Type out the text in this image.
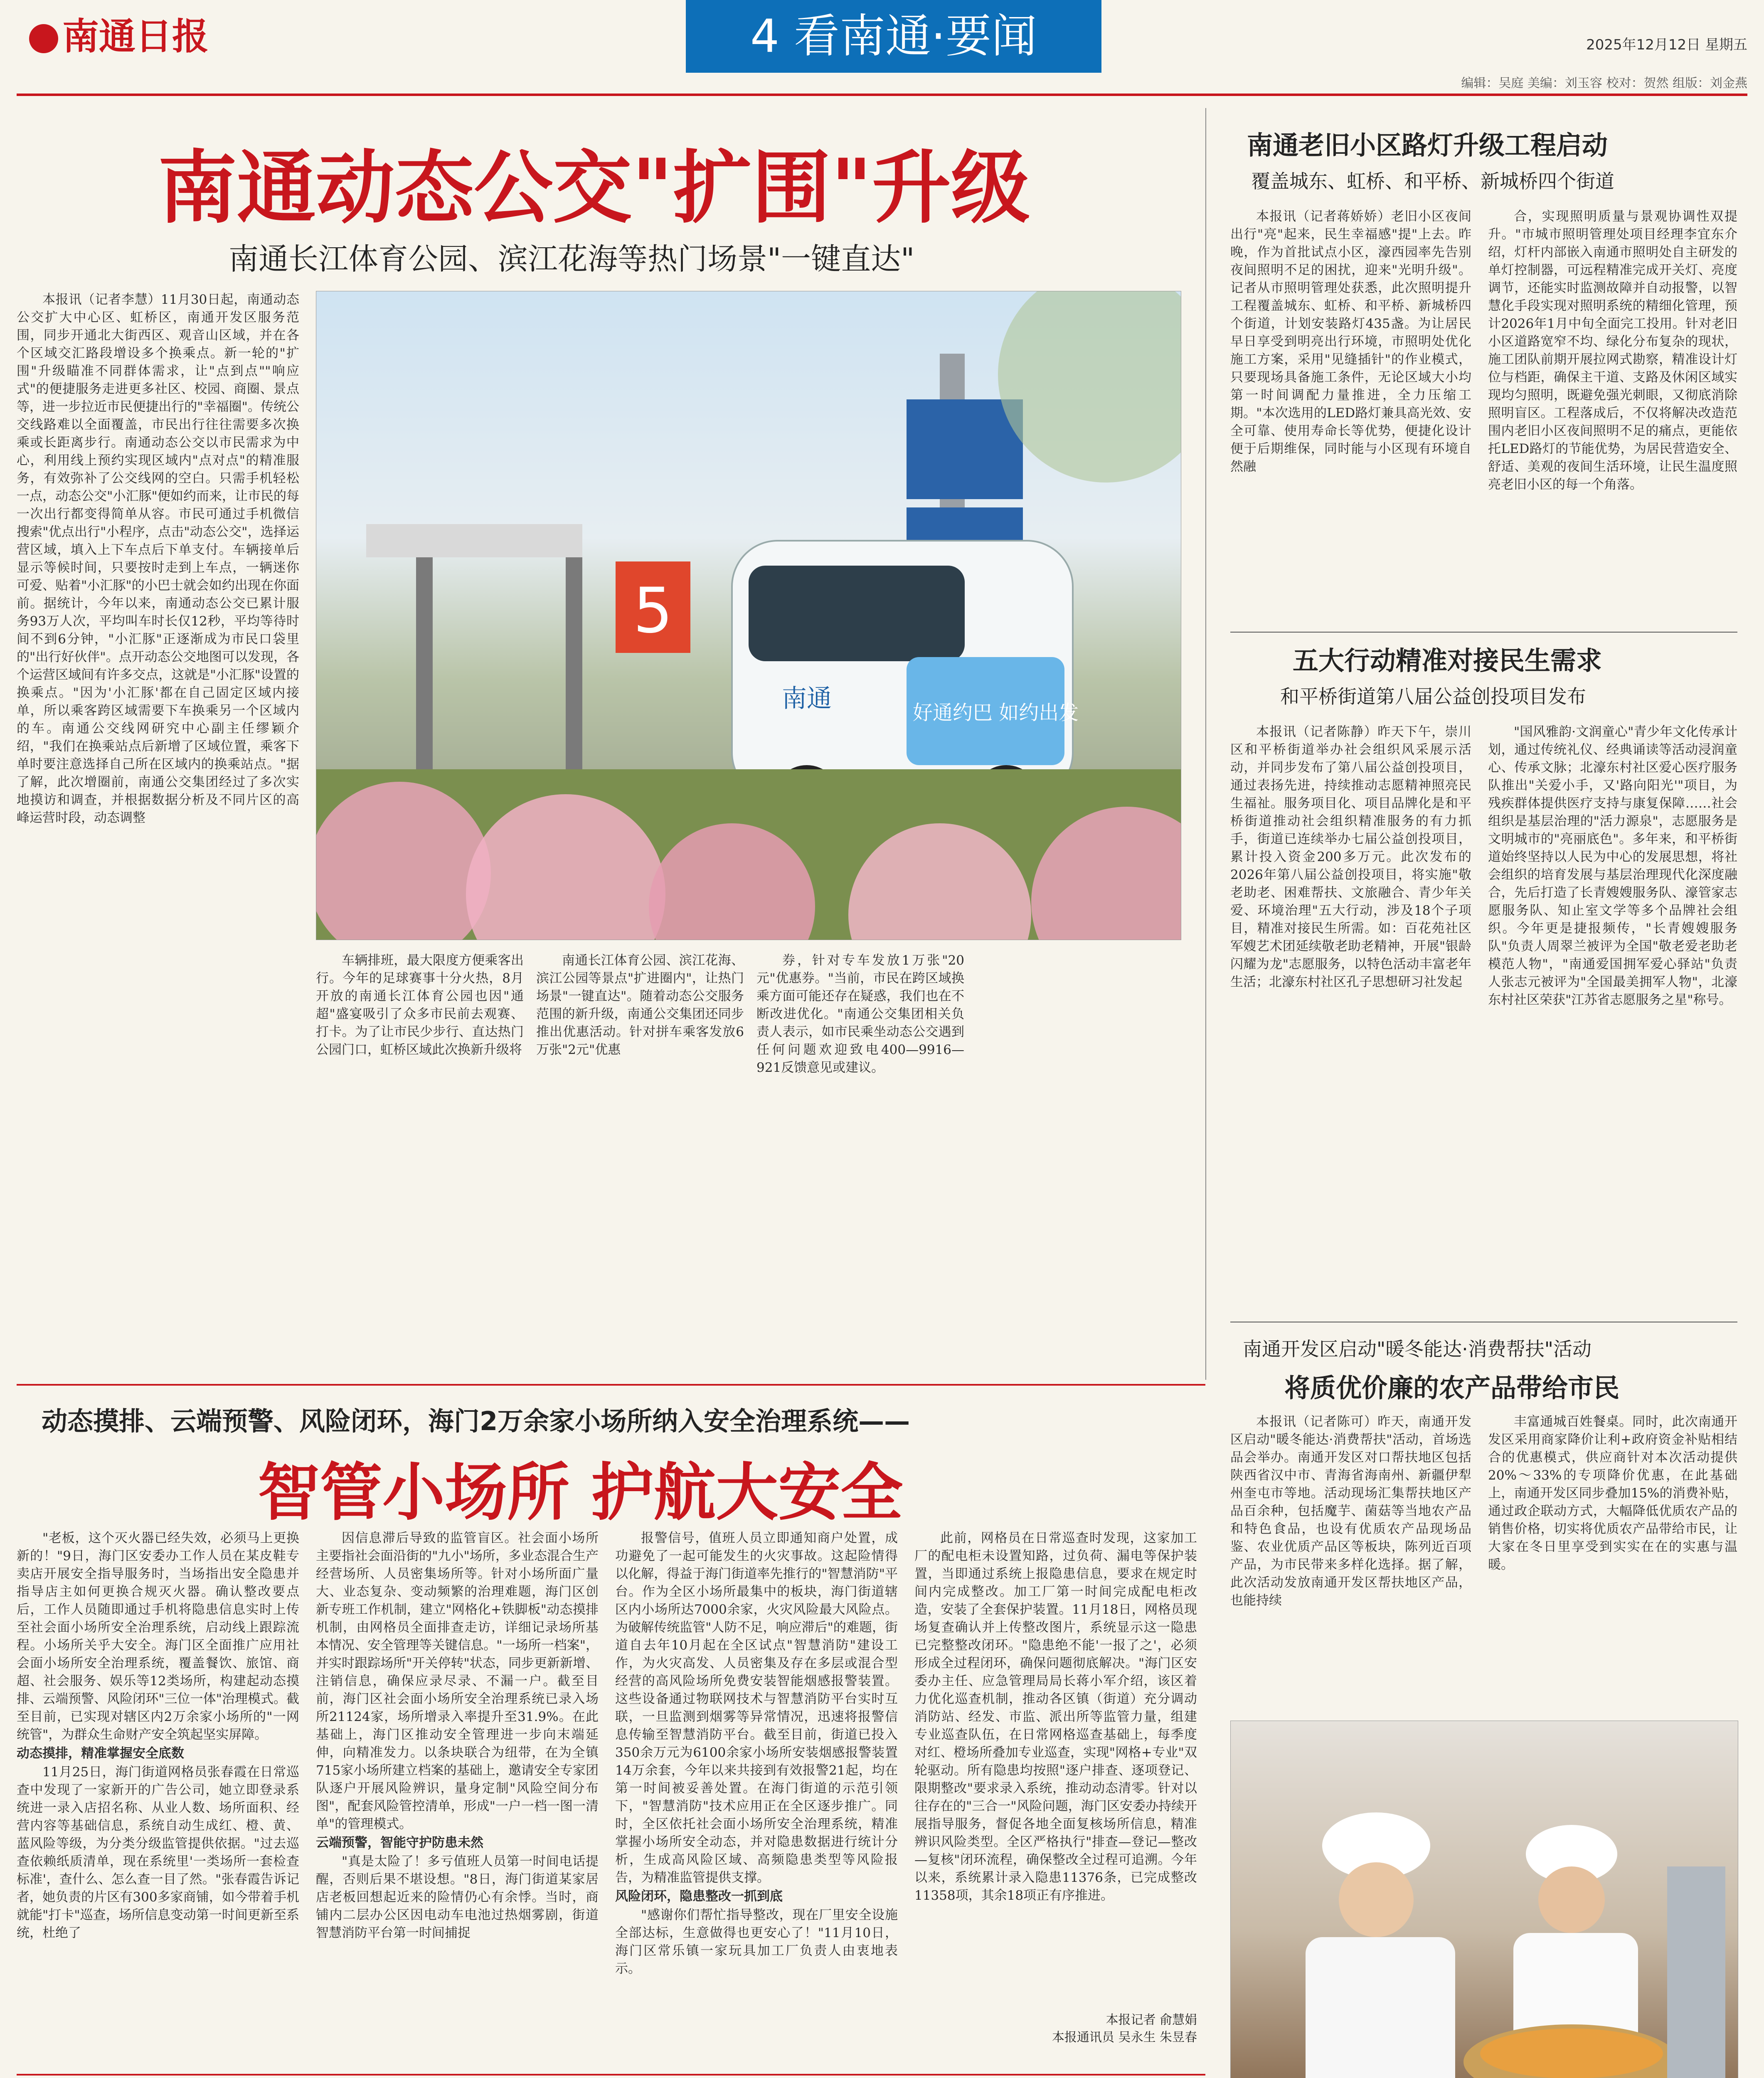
南通日报	4 看南通·要闻	2025年12月12日 星期五
编辑：吴庭 美编：刘玉容 校对：贺然 组版：刘金燕
南通动态公交"扩围"升级
南通长江体育公园、滨江花海等热门场景"一键直达"

本报讯（记者李慧）11月30日起，南通动态公交扩大中心区、虹桥区，南通开发区服务范围，同步开通北大街西区、观音山区域，并在各个区域交汇路段增设多个换乘点。新一轮的"扩围"升级瞄准不同群体需求，让"点到点""响应式"的便捷服务走进更多社区、校园、商圈、景点等，进一步拉近市民便捷出行的"幸福圈"。传统公交线路难以全面覆盖，市民出行往往需要多次换乘或长距离步行。南通动态公交以市民需求为中心，利用线上预约实现区域内"点对点"的精准服务，有效弥补了公交线网的空白。只需手机轻松一点，动态公交"小汇豚"便如约而来，让市民的每一次出行都变得简单从容。市民可通过手机微信搜索"优点出行"小程序，点击"动态公交"，选择运营区域，填入上下车点后下单支付。车辆接单后显示等候时间，只要按时走到上车点，一辆迷你可爱、贴着"小汇豚"的小巴士就会如约出现在你面前。据统计，今年以来，南通动态公交已累计服务93万人次，平均叫车时长仅12秒，平均等待时间不到6分钟，"小汇豚"正逐渐成为市民口袋里的"出行好伙伴"。点开动态公交地图可以发现，各个运营区域间有许多交点，这就是"小汇豚"设置的换乘点。"因为'小汇豚'都在自己固定区域内接单，所以乘客跨区域需要下车换乘另一个区域内的车。南通公交线网研究中心副主任缪颖介绍，"我们在换乘站点后新增了区域位置，乘客下单时要注意选择自己所在区域内的换乘站点。"据了解，此次增圈前，南通公交集团经过了多次实地摸访和调查，并根据数据分析及不同片区的高峰运营时段，动态调整

5
南通	好通约巴 如约出发

车辆排班，最大限度方便乘客出行。今年的足球赛事十分火热，8月开放的南通长江体育公园也因"通超"盛宴吸引了众多市民前去观赛、打卡。为了让市民少步行、直达热门公园门口，虹桥区域此次换新升级将

南通长江体育公园、滨江花海、滨江公园等景点"扩进圈内"，让热门场景"一键直达"。随着动态公交服务范围的新升级，南通公交集团还同步推出优惠活动。针对拼车乘客发放6万张"2元"优惠

券，针对专车发放1万张"20元"优惠券。"当前，市民在跨区域换乘方面可能还存在疑惑，我们也在不断改进优化。"南通公交集团相关负责人表示，如市民乘坐动态公交遇到任何问题欢迎致电400—9916—921反馈意见或建议。

南通老旧小区路灯升级工程启动
覆盖城东、虹桥、和平桥、新城桥四个街道

本报讯（记者蒋娇娇）老旧小区夜间出行"亮"起来，民生幸福感"提"上去。昨晚，作为首批试点小区，濠西园率先告别夜间照明不足的困扰，迎来"光明升级"。记者从市照明管理处获悉，此次照明提升工程覆盖城东、虹桥、和平桥、新城桥四个街道，计划安装路灯435盏。为让居民早日享受到明亮出行环境，市照明处优化施工方案，采用"见缝插针"的作业模式，只要现场具备施工条件，无论区域大小均第一时间调配力量推进，全力压缩工期。"本次选用的LED路灯兼具高光效、安全可靠、使用寿命长等优势，便捷化设计便于后期维保，同时能与小区现有环境自然融

合，实现照明质量与景观协调性双提升。"市城市照明管理处项目经理李宜东介绍，灯杆内部嵌入南通市照明处自主研发的单灯控制器，可远程精准完成开关灯、亮度调节，还能实时监测故障并自动报警，以智慧化手段实现对照明系统的精细化管理，预计2026年1月中旬全面完工投用。针对老旧小区道路宽窄不均、绿化分布复杂的现状，施工团队前期开展拉网式勘察，精准设计灯位与档距，确保主干道、支路及休闲区域实现均匀照明，既避免强光刺眼，又彻底消除照明盲区。工程落成后，不仅将解决改造范围内老旧小区夜间照明不足的痛点，更能依托LED路灯的节能优势，为居民营造安全、舒适、美观的夜间生活环境，让民生温度照亮老旧小区的每一个角落。

五大行动精准对接民生需求
和平桥街道第八届公益创投项目发布

本报讯（记者陈静）昨天下午，崇川区和平桥街道举办社会组织风采展示活动，并同步发布了第八届公益创投项目，通过表扬先进，持续推动志愿精神照亮民生福祉。服务项目化、项目品牌化是和平桥街道推动社会组织精准服务的有力抓手，街道已连续举办七届公益创投项目，累计投入资金200多万元。此次发布的2026年第八届公益创投项目，将实施"敬老助老、困难帮扶、文旅融合、青少年关爱、环境治理"五大行动，涉及18个子项目，精准对接民生所需。如：百花苑社区军嫂艺术团延续敬老助老精神，开展"银龄闪耀为龙"志愿服务，以特色活动丰富老年生活；北濠东村社区孔子思想研习社发起

"国风雅韵·文润童心"青少年文化传承计划，通过传统礼仪、经典诵读等活动浸润童心、传承文脉；北濠东村社区爱心医疗服务队推出"关爱小手，又'路向阳光'"项目，为残疾群体提供医疗支持与康复保障……社会组织是基层治理的"活力源泉"，志愿服务是文明城市的"亮丽底色"。多年来，和平桥街道始终坚持以人民为中心的发展思想，将社会组织的培育发展与基层治理现代化深度融合，先后打造了长青嫂嫂服务队、濠管家志愿服务队、知止室文学等多个品牌社会组织。今年更是捷报频传，"长青嫂嫂服务队"负责人周翠兰被评为全国"敬老爱老助老模范人物"，"南通爱国拥军爱心驿站"负责人张志元被评为"全国最美拥军人物"，北濠东村社区荣获"江苏省志愿服务之星"称号。

南通开发区启动"暖冬能达·消费帮扶"活动
将质优价廉的农产品带给市民

本报讯（记者陈可）昨天，南通开发区启动"暖冬能达·消费帮扶"活动，首场选品会举办。南通开发区对口帮扶地区包括陕西省汉中市、青海省海南州、新疆伊犁州奎屯市等地。活动现场汇集帮扶地区产品百余种，包括魔芋、菌菇等当地农产品和特色食品，也设有优质农产品现场品鉴、农业优质产品区等板块，陈列近百项产品，为市民带来多样化选择。据了解，此次活动发放南通开发区帮扶地区产品，也能持续

丰富通城百姓餐桌。同时，此次南通开发区采用商家降价让利+政府资金补贴相结合的优惠模式，供应商针对本次活动提供20%～33%的专项降价优惠，在此基础上，南通开发区同步叠加15%的消费补贴，通过政企联动方式，大幅降低优质农产品的销售价格，切实将优质农产品带给市民，让大家在冬日里享受到实实在在的实惠与温暖。

动态摸排、云端预警、风险闭环，海门2万余家小场所纳入安全治理系统——
智管小场所 护航大安全

"老板，这个灭火器已经失效，必须马上更换新的！"9日，海门区安委办工作人员在某皮鞋专卖店开展安全指导服务时，当场指出安全隐患并指导店主如何更换合规灭火器。确认整改要点后，工作人员随即通过手机将隐患信息实时上传至社会面小场所安全治理系统，启动线上跟踪流程。小场所关乎大安全。海门区全面推广应用社会面小场所安全治理系统，覆盖餐饮、旅馆、商超、社会服务、娱乐等12类场所，构建起动态摸排、云端预警、风险闭环"三位一体"治理模式。截至目前，已实现对辖区内2万余家小场所的"一网统管"，为群众生命财产安全筑起坚实屏障。

动态摸排，精准掌握安全底数

11月25日，海门街道网格员张春霞在日常巡查中发现了一家新开的广告公司，她立即登录系统进一录入店招名称、从业人数、场所面积、经营内容等基础信息，系统自动生成红、橙、黄、蓝风险等级，为分类分级监管提供依据。"过去巡查依赖纸质清单，现在系统里'一类场所一套检查标准'，查什么、怎么查一目了然。"张春霞告诉记者，她负责的片区有300多家商铺，如今带着手机就能"打卡"巡查，场所信息变动第一时间更新至系统，杜绝了

因信息滞后导致的监管盲区。社会面小场所主要指社会面沿街的"九小"场所，多业态混合生产经营场所、人员密集场所等。针对小场所面广量大、业态复杂、变动频繁的治理难题，海门区创新专班工作机制，建立"网格化+铁脚板"动态摸排机制，由网格员全面排查走访，详细记录场所基本情况、安全管理等关键信息。"一场所一档案"，并实时跟踪场所"开关停转"状态，同步更新新增、注销信息，确保应录尽录、不漏一户。截至目前，海门区社会面小场所安全治理系统已录入场所21124家，场所增录入率提升至31.9%。在此基础上，海门区推动安全管理进一步向末端延伸，向精准发力。以条块联合为纽带，在为全镇715家小场所建立档案的基础上，邀请安全专家团队逐户开展风险辨识，量身定制"风险空间分布图"，配套风险管控清单，形成"一户一档一图一清单"的管理模式。

云端预警，智能守护防患未然

"真是太险了！多亏值班人员第一时间电话提醒，否则后果不堪设想。"8日，海门街道某家居店老板回想起近来的险情仍心有余悸。当时，商铺内二层办公区因电动车电池过热烟雾剧，街道智慧消防平台第一时间捕捉

报警信号，值班人员立即通知商户处置，成功避免了一起可能发生的火灾事故。这起险情得以化解，得益于海门街道率先推行的"智慧消防"平台。作为全区小场所最集中的板块，海门街道辖区内小场所达7000余家，火灾风险最大风险点。为破解传统监管"人防不足，响应滞后"的难题，街道自去年10月起在全区试点"智慧消防"建设工作，为火灾高发、人员密集及存在多层或混合型经营的高风险场所免费安装智能烟感报警装置。这些设备通过物联网技术与智慧消防平台实时互联，一旦监测到烟雾等异常情况，迅速将报警信息传输至智慧消防平台。截至目前，街道已投入350余万元为6100余家小场所安装烟感报警装置14万余套，今年以来共接到有效报警21起，均在第一时间被妥善处置。在海门街道的示范引领下，"智慧消防"技术应用正在全区逐步推广。同时，全区依托社会面小场所安全治理系统，精准掌握小场所安全动态，并对隐患数据进行统计分析，生成高风险区域、高频隐患类型等风险报告，为精准监管提供支撑。

风险闭环，隐患整改一抓到底

"感谢你们帮忙指导整改，现在厂里安全设施全部达标，生意做得也更安心了！"11月10日，海门区常乐镇一家玩具加工厂负责人由衷地表示。

此前，网格员在日常巡查时发现，这家加工厂的配电柜未设置知路，过负荷、漏电等保护装置，当即通过系统上报隐患信息，要求在规定时间内完成整改。加工厂第一时间完成配电柜改造，安装了全套保护装置。11月18日，网格员现场复查确认并上传整改图片，系统显示这一隐患已完整整改闭环。"隐患绝不能'一报了之'，必须形成全过程闭环，确保问题彻底解决。"海门区安委办主任、应急管理局局长蒋小军介绍，该区着力优化巡查机制，推动各区镇（街道）充分调动消防站、经发、市监、派出所等监管力量，组建专业巡查队伍，在日常网格巡查基础上，每季度对红、橙场所叠加专业巡查，实现"网格+专业"双轮驱动。所有隐患均按照"逐户排查、逐项登记、限期整改"要求录入系统，推动动态清零。针对以往存在的"三合一"风险问题，海门区安委办持续开展指导服务，督促各地全面复核场所信息，精准辨识风险类型。全区严格执行"排查—登记—整改—复核"闭环流程，确保整改全过程可追溯。今年以来，系统累计录入隐患11376条，已完成整改11358项，其余18项正有序推进。

本报记者 俞慧娟
本报通讯员 吴永生 朱昱春
